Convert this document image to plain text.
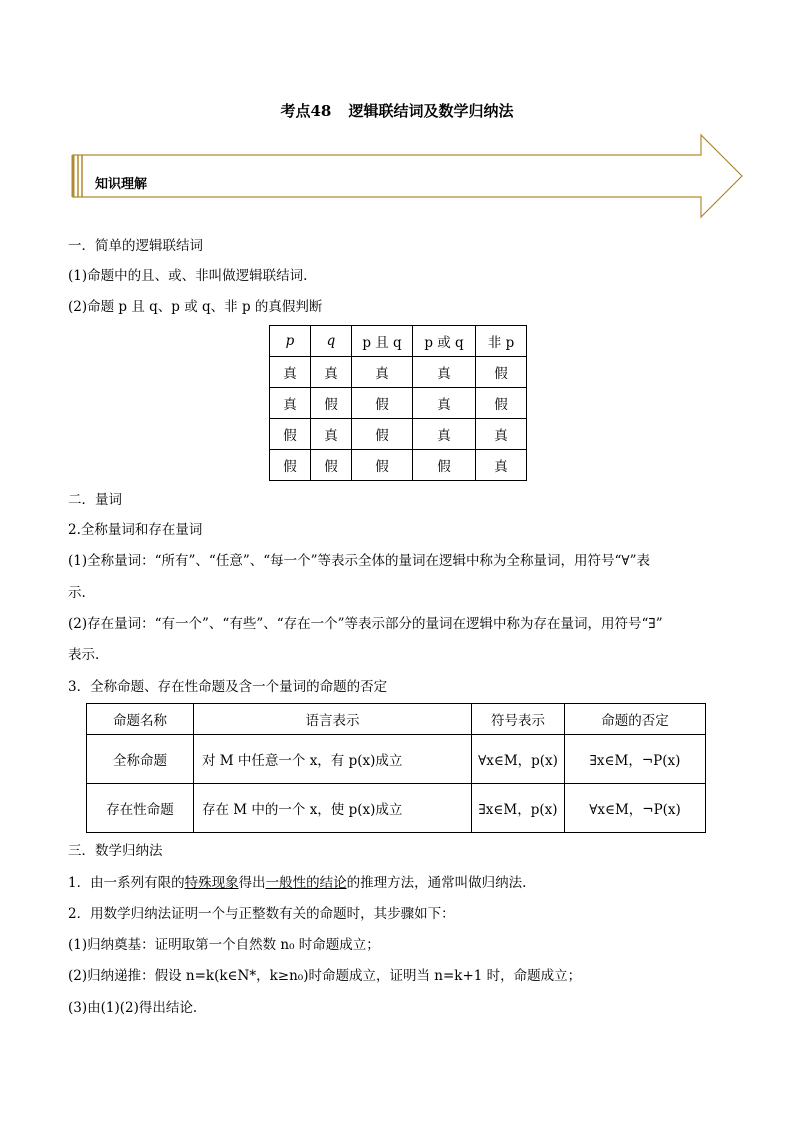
考点48 逻辑联结词及数学归纳法
知识理解
一．简单的逻辑联结词
(1)命题中的且、或、非叫做逻辑联结词.
(2)命题 p 且 q、p 或 q、非 p 的真假判断
p	q	p 且 q	p 或 q	非 p
真	真	真	真	假
真	假	假	真	假
假	真	假	真	真
假	假	假	假	真
二．量词
2.全称量词和存在量词
(1)全称量词：“所有”、“任意”、“每一个”等表示全体的量词在逻辑中称为全称量词，用符号“∀”表
示.
(2)存在量词：“有一个”、“有些”、“存在一个”等表示部分的量词在逻辑中称为存在量词，用符号“∃”
表示.
3．全称命题、存在性命题及含一个量词的命题的否定
命题名称	语言表示	符号表示	命题的否定
全称命题	对 M 中任意一个 x，有 p(x)成立	∀x∈M，p(x)	∃x∈M，¬P(x)
存在性命题	存在 M 中的一个 x，使 p(x)成立	∃x∈M，p(x)	∀x∈M，¬P(x)
三．数学归纳法
1．由一系列有限的特殊现象得出一般性的结论的推理方法，通常叫做归纳法.
2．用数学归纳法证明一个与正整数有关的命题时，其步骤如下：
(1)归纳奠基：证明取第一个自然数 n₀ 时命题成立；
(2)归纳递推：假设 n=k(k∈N*，k≥n₀)时命题成立，证明当 n=k+1 时，命题成立；
(3)由(1)(2)得出结论.
